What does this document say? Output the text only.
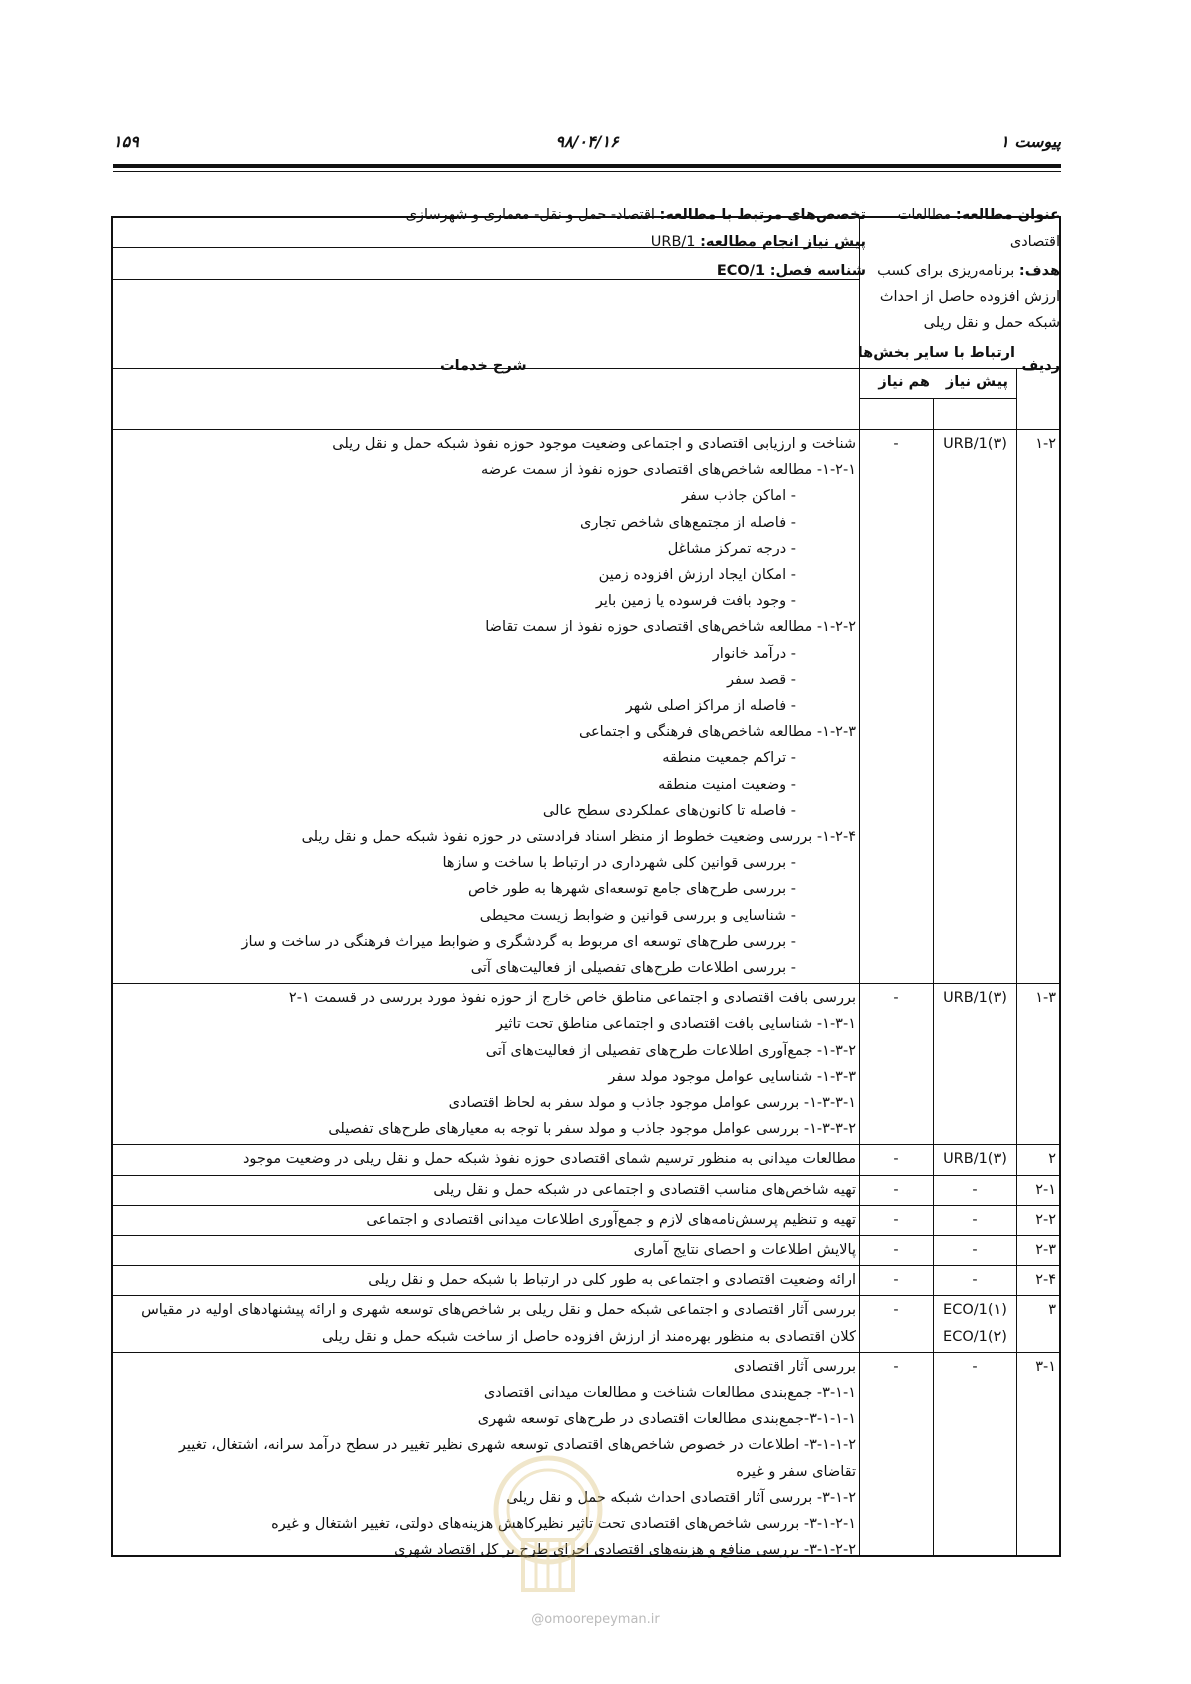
پیوست ۱
۹۸/۰۴/۱۶
۱۵۹
عنوان مطالعه: مطالعات
اقتصادی
تخصص‌های مرتبط با مطالعه: اقتصاد- حمل و نقل- معماری و شهرسازی
پیش نیاز انجام مطالعه: URB/1
شناسه فصل: ECO/1	هدف: برنامه‌ریزی برای کسب
ارزش افزوده حاصل از احداث
شبکه حمل و نقل ریلی
ردیف
ارتباط با سایر بخش‌ها
پیش نیاز
هم نیاز
شرح خدمات
۱-۲
URB/1(۳)
-
شناخت و ارزیابی اقتصادی و اجتماعی وضعیت موجود حوزه نفوذ شبکه حمل و نقل ریلی
۱-۲-۱- مطالعه شاخص‌های اقتصادی حوزه نفوذ از سمت عرضه
- اماکن جاذب سفر
- فاصله از مجتمع‌های شاخص تجاری
- درجه تمرکز مشاغل
- امکان ایجاد ارزش افزوده زمین
- وجود بافت فرسوده یا زمین بایر
۱-۲-۲- مطالعه شاخص‌های اقتصادی حوزه نفوذ از سمت تقاضا
- درآمد خانوار
- قصد سفر
- فاصله از مراکز اصلی شهر
۱-۲-۳- مطالعه شاخص‌های فرهنگی و اجتماعی
- تراکم جمعیت منطقه
- وضعیت امنیت منطقه
- فاصله تا کانون‌های عملکردی سطح عالی
۱-۲-۴- بررسی وضعیت خطوط از منظر اسناد فرادستی در حوزه نفوذ شبکه حمل و نقل ریلی
- بررسی قوانین کلی شهرداری در ارتباط با ساخت و سازها
- بررسی طرح‌های جامع توسعه‌ای شهرها به طور خاص
- شناسایی و بررسی قوانین و ضوابط زیست محیطی
- بررسی طرح‌های توسعه ای مربوط به گردشگری و ضوابط میراث فرهنگی در ساخت و ساز
- بررسی اطلاعات طرح‌های تفصیلی از فعالیت‌های آتی
۱-۳
URB/1(۳)
-
بررسی بافت اقتصادی و اجتماعی مناطق خاص خارج از حوزه نفوذ مورد بررسی در قسمت ۱-۲
۱-۳-۱- شناسایی بافت اقتصادی و اجتماعی مناطق تحت تاثیر
۱-۳-۲- جمع‌آوری اطلاعات طرح‌های تفصیلی از فعالیت‌های آتی
۱-۳-۳- شناسایی عوامل موجود مولد سفر
۱-۳-۳-۱- بررسی عوامل موجود جاذب و مولد سفر به لحاظ اقتصادی
۱-۳-۳-۲- بررسی عوامل موجود جاذب و مولد سفر با توجه به معیارهای طرح‌های تفصیلی
۲
URB/1(۳)
-
مطالعات میدانی به منظور ترسیم شمای اقتصادی حوزه نفوذ شبکه حمل و نقل ریلی در وضعیت موجود
۲-۱
-
-
تهیه شاخص‌های مناسب اقتصادی و اجتماعی در شبکه حمل و نقل ریلی
۲-۲
-
-
تهیه و تنظیم پرسش‌نامه‌های لازم و جمع‌آوری اطلاعات میدانی اقتصادی و اجتماعی
۲-۳
-
-
پالایش اطلاعات و احصای نتایج آماری
۲-۴
-
-
ارائه وضعیت اقتصادی و اجتماعی به طور کلی در ارتباط با شبکه حمل و نقل ریلی
۳
ECO/1(۱)
ECO/1(۲)
-
بررسی آثار اقتصادی و اجتماعی شبکه حمل و نقل ریلی بر شاخص‌های توسعه شهری و ارائه پیشنهادهای اولیه در مقیاس
کلان اقتصادی به منظور بهره‌مند از ارزش افزوده حاصل از ساخت شبکه حمل و نقل ریلی
۳-۱
-
-
بررسی آثار اقتصادی
۳-۱-۱- جمع‌بندی مطالعات شناخت و مطالعات میدانی اقتصادی
۳-۱-۱-۱-جمع‌بندی مطالعات اقتصادی در طرح‌های توسعه شهری
۳-۱-۱-۲- اطلاعات در خصوص شاخص‌های اقتصادی توسعه شهری نظیر تغییر در سطح درآمد سرانه، اشتغال، تغییر
تقاضای سفر و غیره
۳-۱-۲- بررسی آثار اقتصادی احداث شبکه حمل و نقل ریلی
۳-۱-۲-۱- بررسی شاخص‌های اقتصادی تحت تاثیر نظیرکاهش هزینه‌های دولتی، تغییر اشتغال و غیره
۳-۱-۲-۲- بررسی منافع و هزینه‌های اقتصادی اجرای طرح بر کل اقتصاد شهری
@omoorepeyman.ir
